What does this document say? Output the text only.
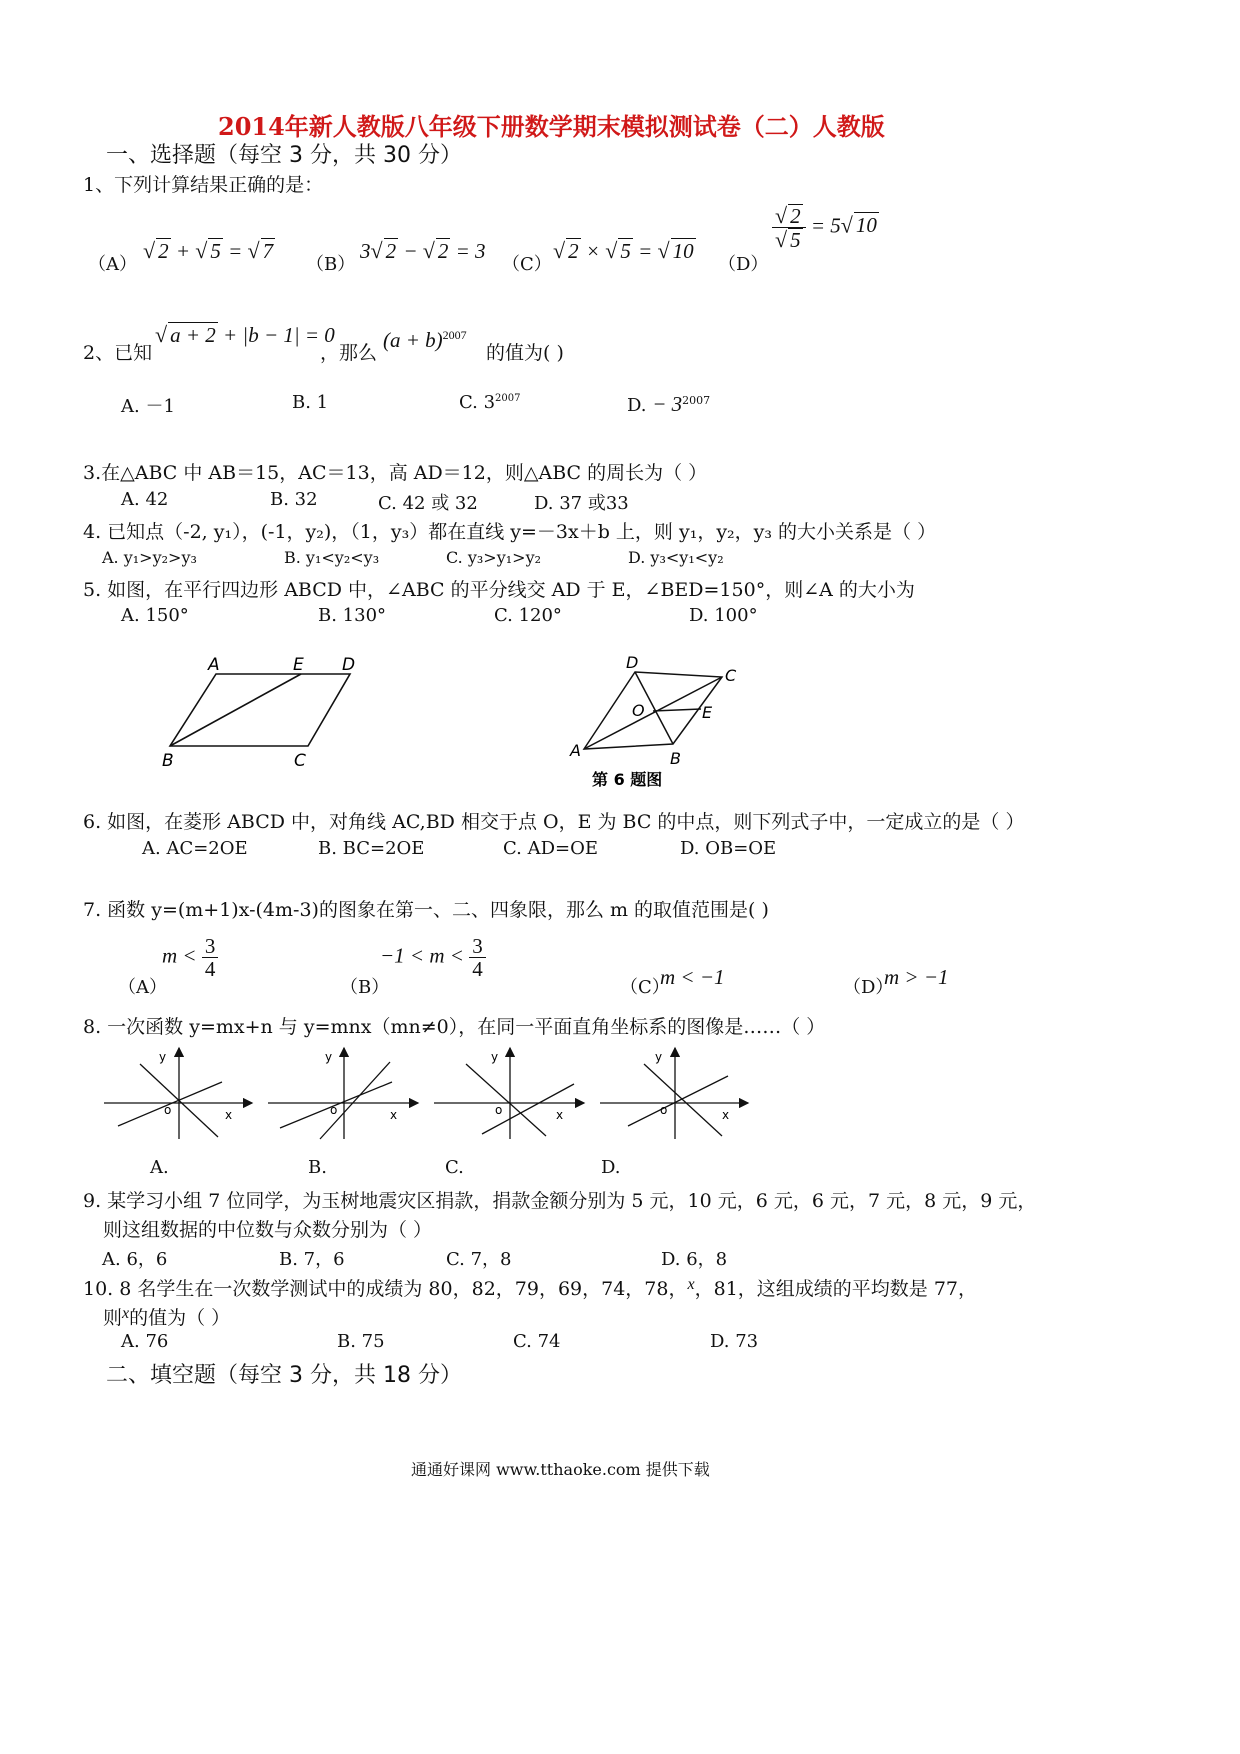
2014年新人教版八年级下册数学期末模拟测试卷（二）人教版
一、选择题（每空 3 分，共 30 分）
1、下列计算结果正确的是：
（A）
√ 2 + √ 5 = √ 7
（B）
3√ 2 − √ 2 = 3
（C）
√ 2 × √ 5 = √ 10
（D）
$\frac{√ 2}{√ 5} = 5√$ 10
2、已知
√ a + 2 + |b − 1| = 0
，那么
$(a + b)^{2007}$
的值为( )
A. －1	B. 1	C. $3^{2007}$	D. − $3^{2007}$
3.在△ABC 中 AB＝15，AC＝13，高 AD＝12，则△ABC 的周长为（ ）
A. 42	B. 32	C. 42 或 32	D. 37 或33
4. 已知点（-2, y₁），(-1，y₂)，（1，y₃）都在直线 y=－3x＋b 上，则 y₁，y₂，y₃ 的大小关系是（ ）
A. y₁>y₂>y₃	B. y₁<y₂<y₃	C. y₃>y₁>y₂	D. y₃<y₁<y₂
5. 如图，在平行四边形 ABCD 中，∠ABC 的平分线交 AD 于 E，∠BED=150°，则∠A 的大小为
A. 150°	B. 130°	C. 120°	D. 100°
A	E D
B	C
D
C
O	E
A	B
第 6 题图
6. 如图，在菱形 ABCD 中，对角线 AC,BD 相交于点 O，E 为 BC 的中点，则下列式子中，一定成立的是（ ）
A. AC=2OE	B. BC=2OE	C. AD=OE	D. OB=OE
7. 函数 y=(m+1)x-(4m-3)的图象在第一、二、四象限，那么 m 的取值范围是( )
（A）
$m < \frac{3}{4}$
（B）
$-1 < m < \frac{3}{4}$
（C）
m < −1	（D）
m > −1
8. 一次函数 y=mx+n 与 y=mnx（mn≠0），在同一平面直角坐标系的图像是……（ ）
y
x
o
y
x
o
y
x
o
y
x
o
A.	B.	C.	D.
9. 某学习小组 7 位同学，为玉树地震灾区捐款，捐款金额分别为 5 元，10 元，6 元，6 元，7 元，8 元，9 元，
则这组数据的中位数与众数分别为（ ）
A. 6，6	B. 7，6	C. 7，8	D. 6，8
10. 8 名学生在一次数学测试中的成绩为 80，82，79，69，74，78，$^x$，81，这组成绩的平均数是 77，
则$^x$的值为（ ）
A. 76	B. 75	C. 74	D. 73
二、填空题（每空 3 分，共 18 分）
通通好课网 www.tthaoke.com 提供下载
